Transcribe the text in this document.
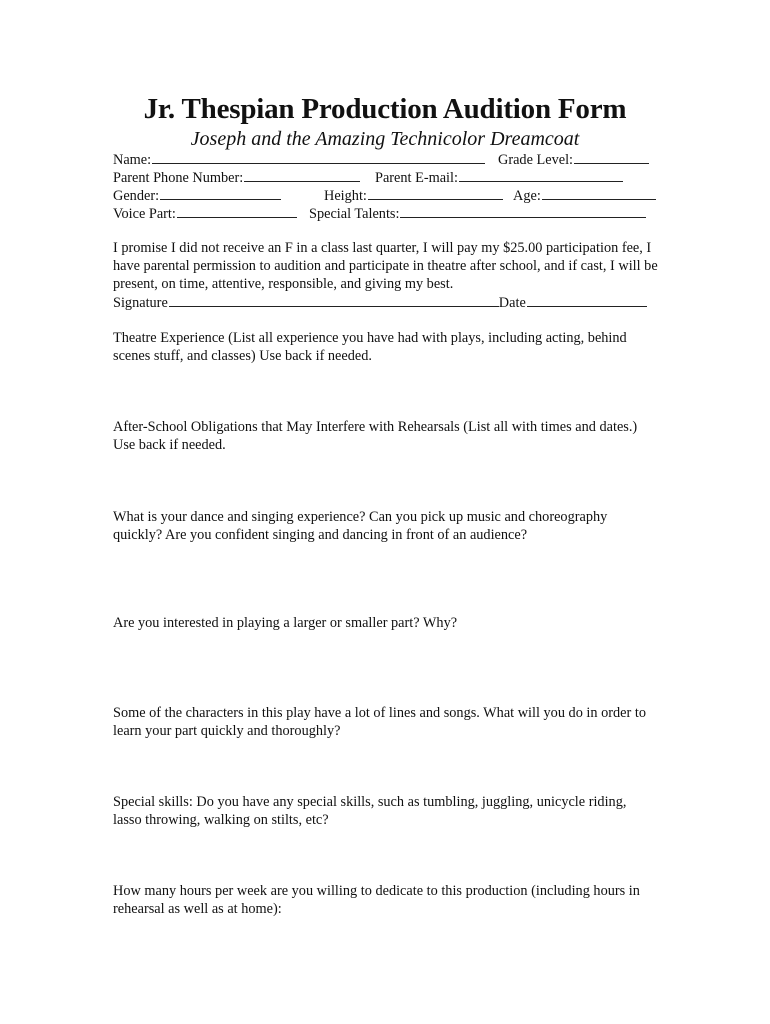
Jr. Thespian Production Audition Form
Joseph and the Amazing Technicolor Dreamcoat
Name:	Grade Level:
Parent Phone Number:	Parent E-mail:
Gender:	Height:	Age:
Voice Part:	Special Talents:

I promise I did not receive an F in a class last quarter, I will pay my $25.00 participation fee, I have parental permission to audition and participate in theatre after school, and if cast, I will be present, on time, attentive, responsible, and giving my best.

Signature	Date

Theatre Experience (List all experience you have had with plays, including acting, behind scenes stuff, and classes) Use back if needed.

After-School Obligations that May Interfere with Rehearsals (List all with times and dates.) Use back if needed.

What is your dance and singing experience? Can you pick up music and choreography quickly? Are you confident singing and dancing in front of an audience?

Are you interested in playing a larger or smaller part? Why?

Some of the characters in this play have a lot of lines and songs. What will you do in order to learn your part quickly and thoroughly?

Special skills: Do you have any special skills, such as tumbling, juggling, unicycle riding, lasso throwing, walking on stilts, etc?

How many hours per week are you willing to dedicate to this production (including hours in rehearsal as well as at home):
